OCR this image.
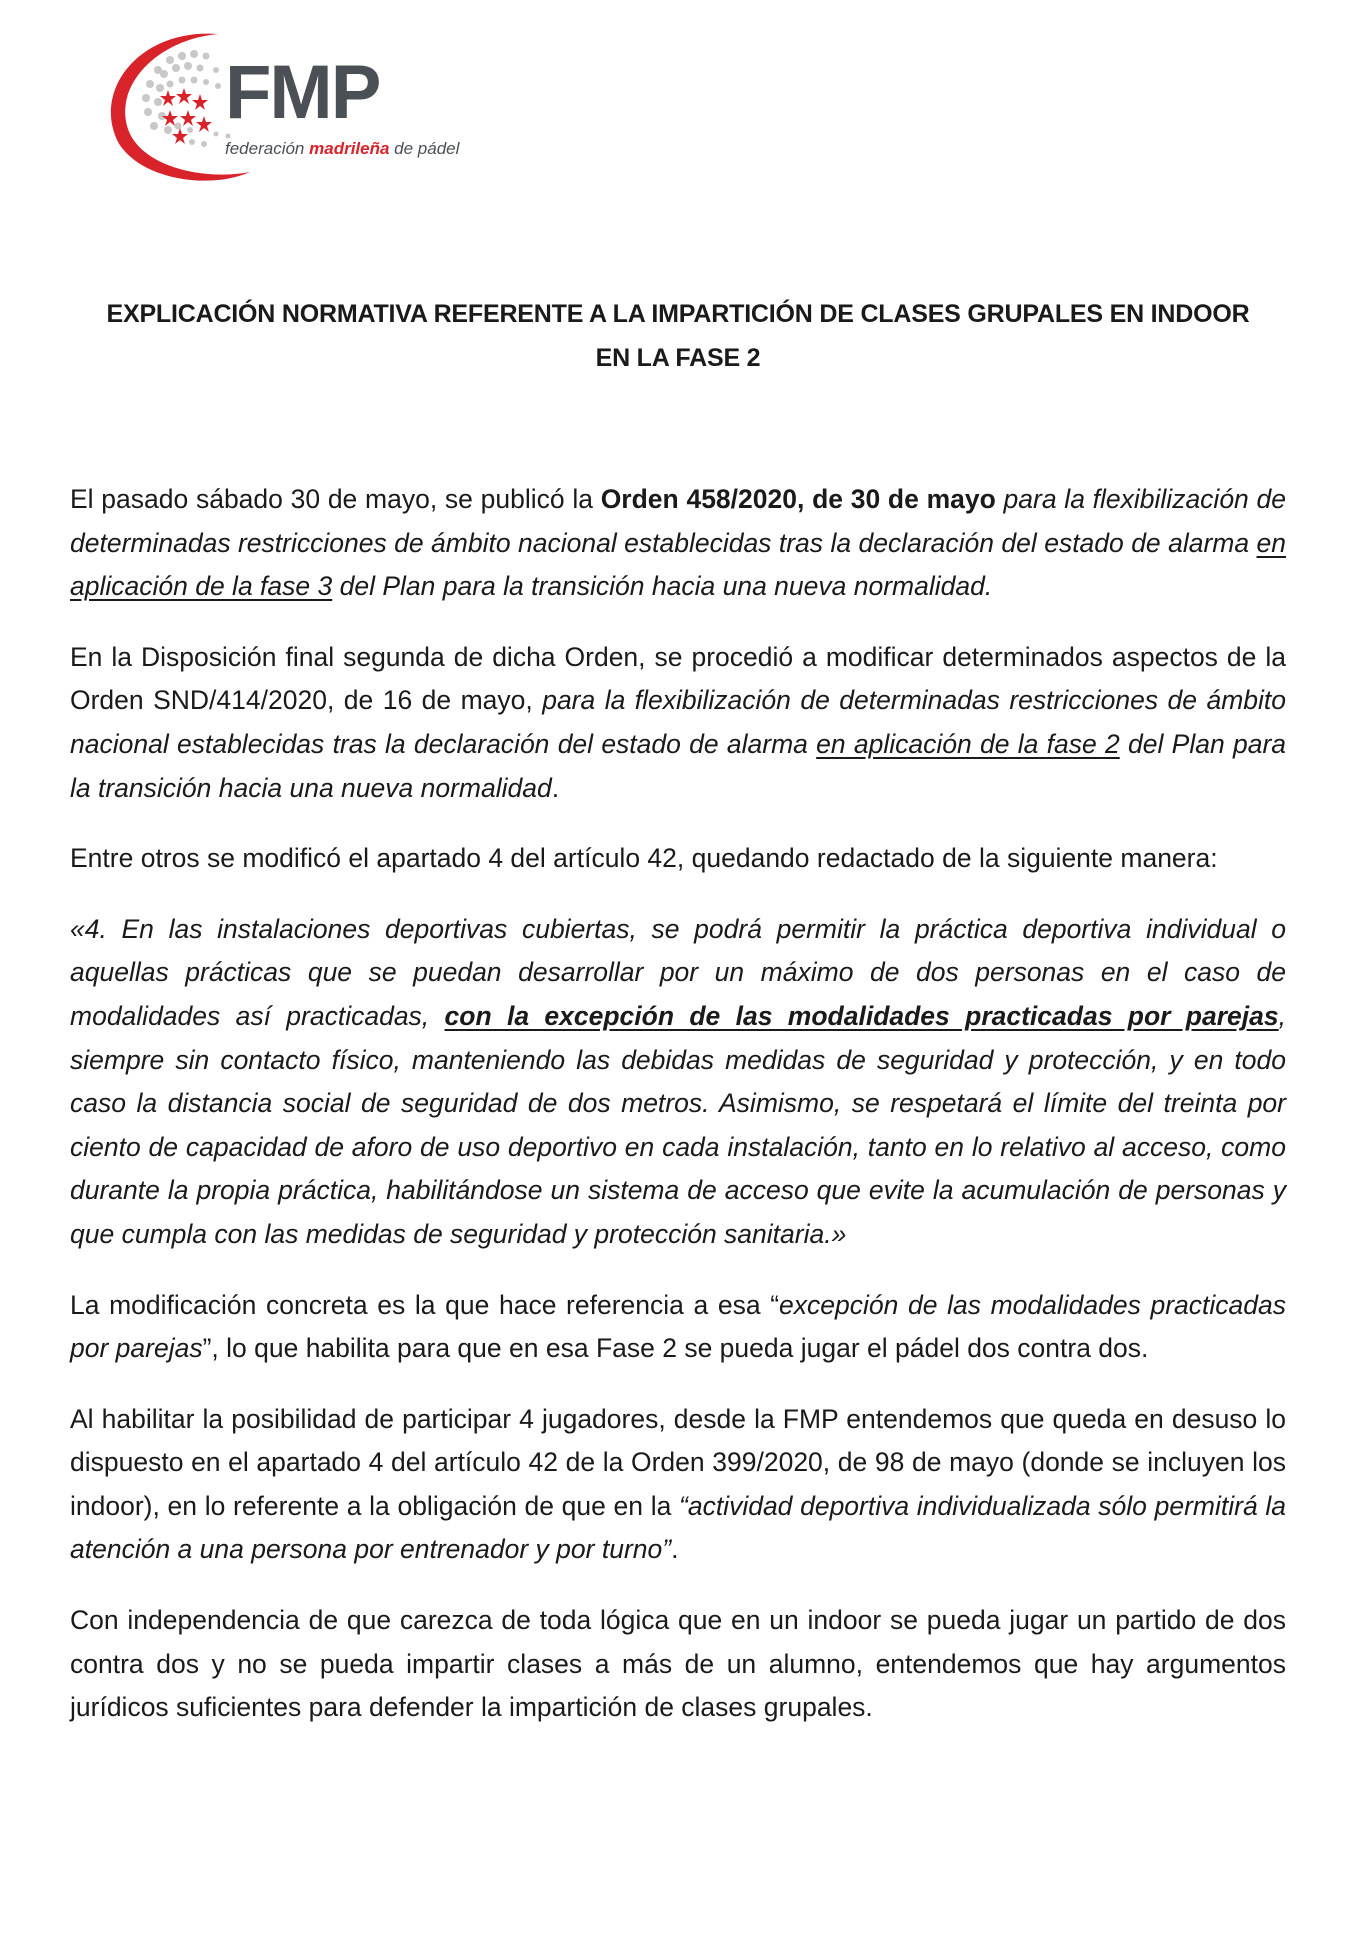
FMP
federación madrileña de pádel
EXPLICACIÓN NORMATIVA REFERENTE A LA IMPARTICIÓN DE CLASES GRUPALES EN INDOOR
EN LA FASE 2

El pasado sábado 30 de mayo, se publicó la Orden 458/2020, de 30 de mayo para la flexibilización de determinadas restricciones de ámbito nacional establecidas tras la declaración del estado de alarma en aplicación de la fase 3 del Plan para la transición hacia una nueva normalidad.

En la Disposición final segunda de dicha Orden, se procedió a modificar determinados aspectos de la Orden SND/414/2020, de 16 de mayo, para la flexibilización de determinadas restricciones de ámbito nacional establecidas tras la declaración del estado de alarma en aplicación de la fase 2 del Plan para la transición hacia una nueva normalidad.

Entre otros se modificó el apartado 4 del artículo 42, quedando redactado de la siguiente manera:

«4. En las instalaciones deportivas cubiertas, se podrá permitir la práctica deportiva individual o aquellas prácticas que se puedan desarrollar por un máximo de dos personas en el caso de modalidades así practicadas, con la excepción de las modalidades practicadas por parejas, siempre sin contacto físico, manteniendo las debidas medidas de seguridad y protección, y en todo caso la distancia social de seguridad de dos metros. Asimismo, se respetará el límite del treinta por ciento de capacidad de aforo de uso deportivo en cada instalación, tanto en lo relativo al acceso, como durante la propia práctica, habilitándose un sistema de acceso que evite la acumulación de personas y que cumpla con las medidas de seguridad y protección sanitaria.»

La modificación concreta es la que hace referencia a esa “excepción de las modalidades practicadas por parejas”, lo que habilita para que en esa Fase 2 se pueda jugar el pádel dos contra dos.

Al habilitar la posibilidad de participar 4 jugadores, desde la FMP entendemos que queda en desuso lo dispuesto en el apartado 4 del artículo 42 de la Orden 399/2020, de 98 de mayo (donde se incluyen los indoor), en lo referente a la obligación de que en la “actividad deportiva individualizada sólo permitirá la atención a una persona por entrenador y por turno”.

Con independencia de que carezca de toda lógica que en un indoor se pueda jugar un partido de dos contra dos y no se pueda impartir clases a más de un alumno, entendemos que hay argumentos jurídicos suficientes para defender la impartición de clases grupales.
